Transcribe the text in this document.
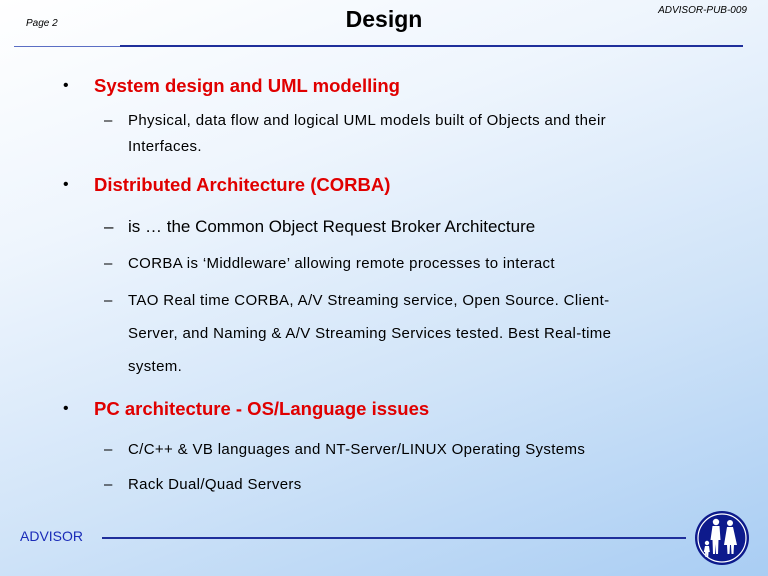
Page 2	Design	ADVISOR-PUB-009
• System design and UML modelling
– Physical, data flow and logical UML models built of Objects and their
Interfaces.
• Distributed Architecture (CORBA)
– is … the Common Object Request Broker Architecture
– CORBA is ‘Middleware’ allowing remote processes to interact
– TAO Real time CORBA, A/V Streaming service, Open Source. Client-
Server, and Naming & A/V Streaming Services tested. Best Real-time
system.
• PC architecture - OS/Language issues
– C/C++ & VB languages and NT-Server/LINUX Operating Systems
– Rack Dual/Quad Servers
ADVISOR
